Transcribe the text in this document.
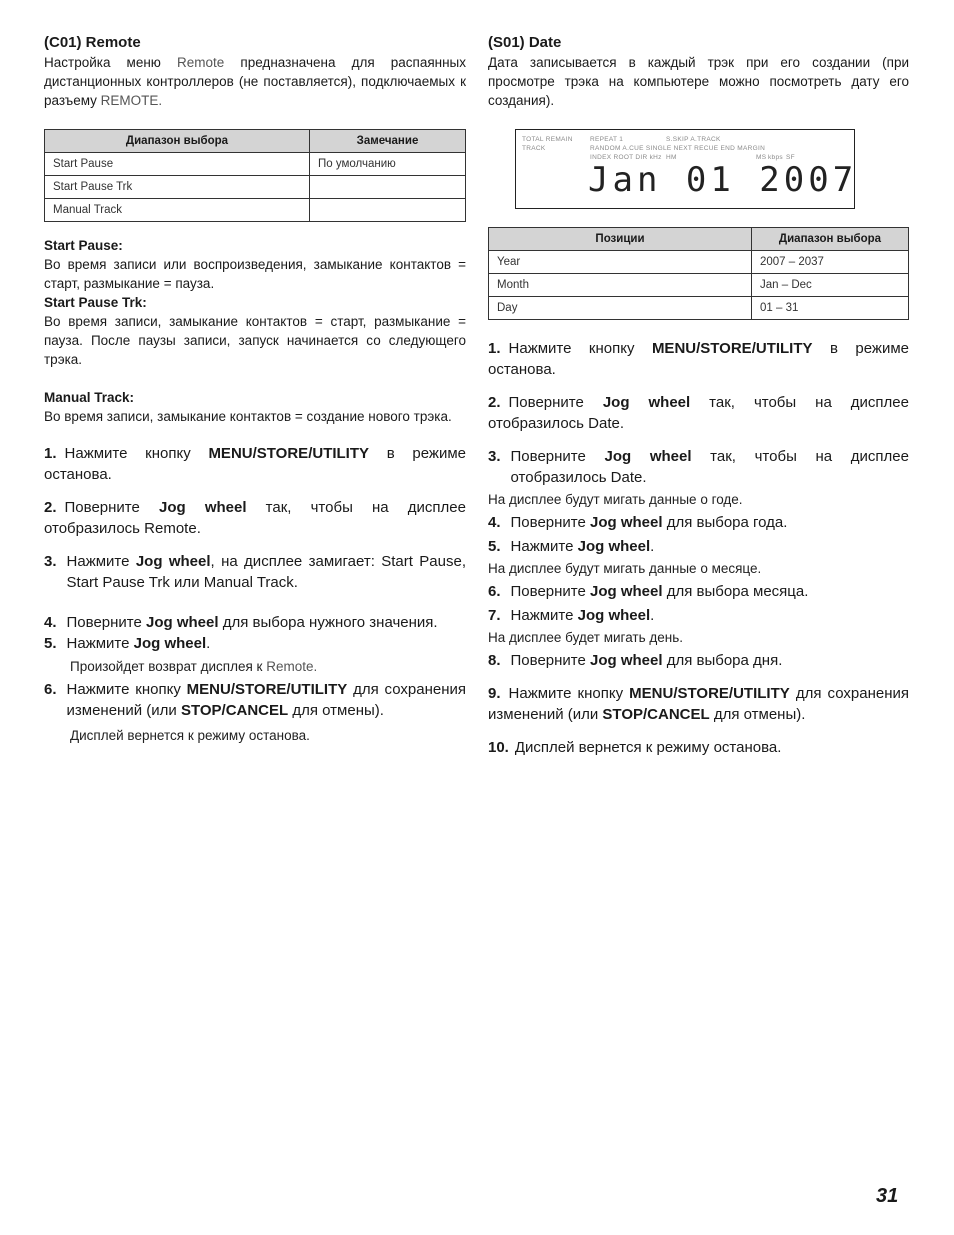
(C01) Remote

Настройка меню Remote предназначена для распаянных дистанционных контроллеров (не поставляется), подключаемых к разъему REMOTE.

Диапазон выбора	Замечание
Start Pause	По умолчанию
Start Pause Trk	
Manual Track	

Start Pause:

Во время записи или воспроизведения, замыкание контактов = старт, размыкание = пауза.

Start Pause Trk:

Во время записи, замыкание контактов = старт, размыкание = пауза. После паузы записи, запуск начинается со следующего трэка.

Manual Track:

Во время записи, замыкание контактов = создание нового трэка.

1. Нажмите кнопку MENU/STORE/UTILITY в режиме останова.
2. Поверните Jog wheel так, чтобы на дисплее отобразилось Remote.
3. Нажмите Jog wheel, на дисплее замигает: Start Pause, Start Pause Trk или Manual Track.
4. Поверните Jog wheel для выбора нужного значения.
5. Нажмите Jog wheel.

Произойдет возврат дисплея к Remote.

6. Нажмите кнопку MENU/STORE/UTILITY для сохранения изменений (или STOP/CANCEL для отмены).

Дисплей вернется к режиму останова.

(S01) Date

Дата записывается в каждый трэк при его создании (при просмотре трэка на компьютере можно посмотреть дату его создания).

TOTAL REMAIN	REPEAT 1	S.SKIP A.TRACK
TRACK	RANDOM A.CUE SINGLE NEXT RECUE END MARGIN
INDEX ROOT DIR kHz HM	MS kbps SF
Jan 01 2007
Позиции	Диапазон выбора
Year	2007 – 2037
Month	Jan – Dec
Day	01 – 31
1. Нажмите кнопку MENU/STORE/UTILITY в режиме останова.
2. Поверните Jog wheel так, чтобы на дисплее отобразилось Date.
3. Поверните Jog wheel так, чтобы на дисплее отобразилось Date.

На дисплее будут мигать данные о годе.

4. Поверните Jog wheel для выбора года.
5. Нажмите Jog wheel.

На дисплее будут мигать данные о месяце.

6. Поверните Jog wheel для выбора месяца.
7. Нажмите Jog wheel.

На дисплее будет мигать день.

8. Поверните Jog wheel для выбора дня.
9. Нажмите кнопку MENU/STORE/UTILITY для сохранения изменений (или STOP/CANCEL для отмены).
10. Дисплей вернется к режиму останова.
31
